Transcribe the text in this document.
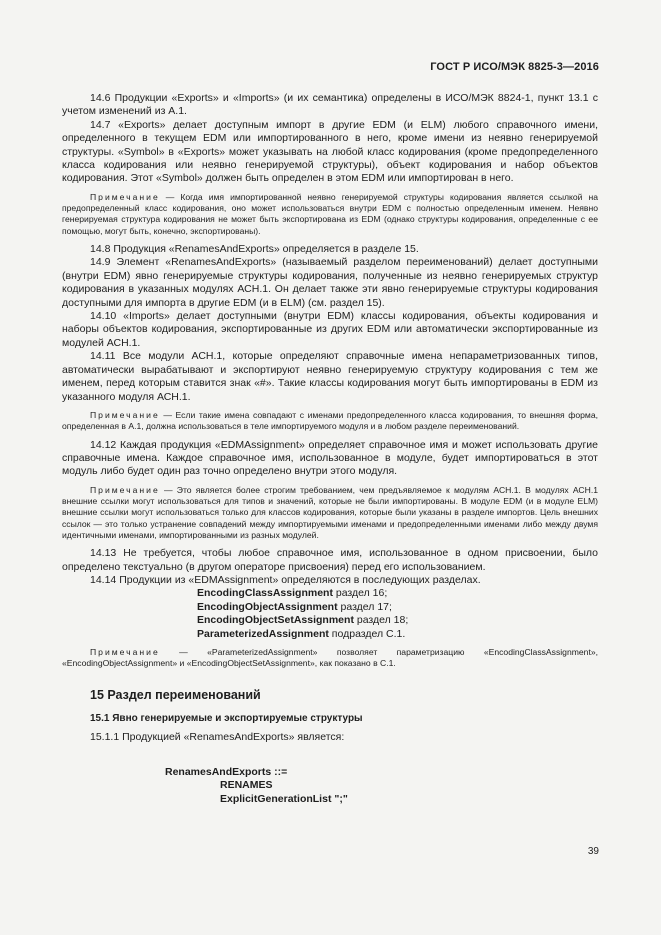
ГОСТ Р ИСО/МЭК 8825-3—2016

14.6 Продукции «Exports» и «Imports» (и их семантика) определены в ИСО/МЭК 8824-1, пункт 13.1 с учетом изменений из А.1.

14.7 «Exports» делает доступным импорт в другие EDM (и ELM) любого справочного имени, определенного в текущем EDM или импортированного в него, кроме имени из неявно генерируемой структуры. «Symbol» в «Exports» может указывать на любой класс кодирования (кроме предопределенного класса кодирования или неявно генерируемой структуры), объект кодирования и набор объектов кодирования. Этот «Symbol» должен быть определен в этом EDM или импортирован в него.

Примечание — Когда имя импортированной неявно генерируемой структуры кодирования является ссылкой на предопределенный класс кодирования, оно может использоваться внутри EDM с полностью определенным именем. Неявно генерируемая структура кодирования не может быть экспортирована из EDM (однако структуры кодирования, определенные с ее помощью, могут быть, конечно, экспортированы).

14.8 Продукция «RenamesAndExports» определяется в разделе 15.

14.9 Элемент «RenamesAndExports» (называемый разделом переименований) делает доступными (внутри EDM) явно генерируемые структуры кодирования, полученные из неявно генерируемых структур кодирования в указанных модулях АСН.1. Он делает также эти явно генерируемые структуры кодирования доступными для импорта в другие EDM (и в ELM) (см. раздел 15).

14.10 «Imports» делает доступными (внутри EDM) классы кодирования, объекты кодирования и наборы объектов кодирования, экспортированные из других EDM или автоматически экспортированные из модулей АСН.1.

14.11 Все модули АСН.1, которые определяют справочные имена непараметризованных типов, автоматически вырабатывают и экспортируют неявно генерируемую структуру кодирования с тем же именем, перед которым ставится знак «#». Такие классы кодирования могут быть импортированы в EDM из указанного модуля АСН.1.

Примечание — Если такие имена совпадают с именами предопределенного класса кодирования, то внешняя форма, определенная в А.1, должна использоваться в теле импортируемого модуля и в любом разделе переименований.

14.12 Каждая продукция «EDMAssignment» определяет справочное имя и может использовать другие справочные имена. Каждое справочное имя, использованное в модуле, будет импортироваться в этот модуль либо будет один раз точно определено внутри этого модуля.

Примечание — Это является более строгим требованием, чем предъявляемое к модулям АСН.1. В модулях АСН.1 внешние ссылки могут использоваться для типов и значений, которые не были импортированы. В модуле EDM (и в модуле ELM) внешние ссылки могут использоваться только для классов кодирования, которые были указаны в разделе импортов. Цель внешних ссылок — это только устранение совпадений между импортируемыми именами и предопределенными именами либо между двумя идентичными именами, импортированными из разных модулей.

14.13 Не требуется, чтобы любое справочное имя, использованное в одном присвоении, было определено текстуально (в другом операторе присвоения) перед его использованием.

14.14 Продукции из «EDMAssignment» определяются в последующих разделах.

EncodingClassAssignment раздел 16;
EncodingObjectAssignment раздел 17;
EncodingObjectSetAssignment раздел 18;
ParameterizedAssignment подраздел С.1.

Примечание — «ParameterizedAssignment» позволяет параметризацию «EncodingClassAssignment», «EncodingObjectAssignment» и «EncodingObjectSetAssignment», как показано в С.1.

15 Раздел переименований
15.1 Явно генерируемые и экспортируемые структуры

15.1.1 Продукцией «RenamesAndExports» является:

RenamesAndExports ::=
RENAMES
ExplicitGenerationList ";"
39
